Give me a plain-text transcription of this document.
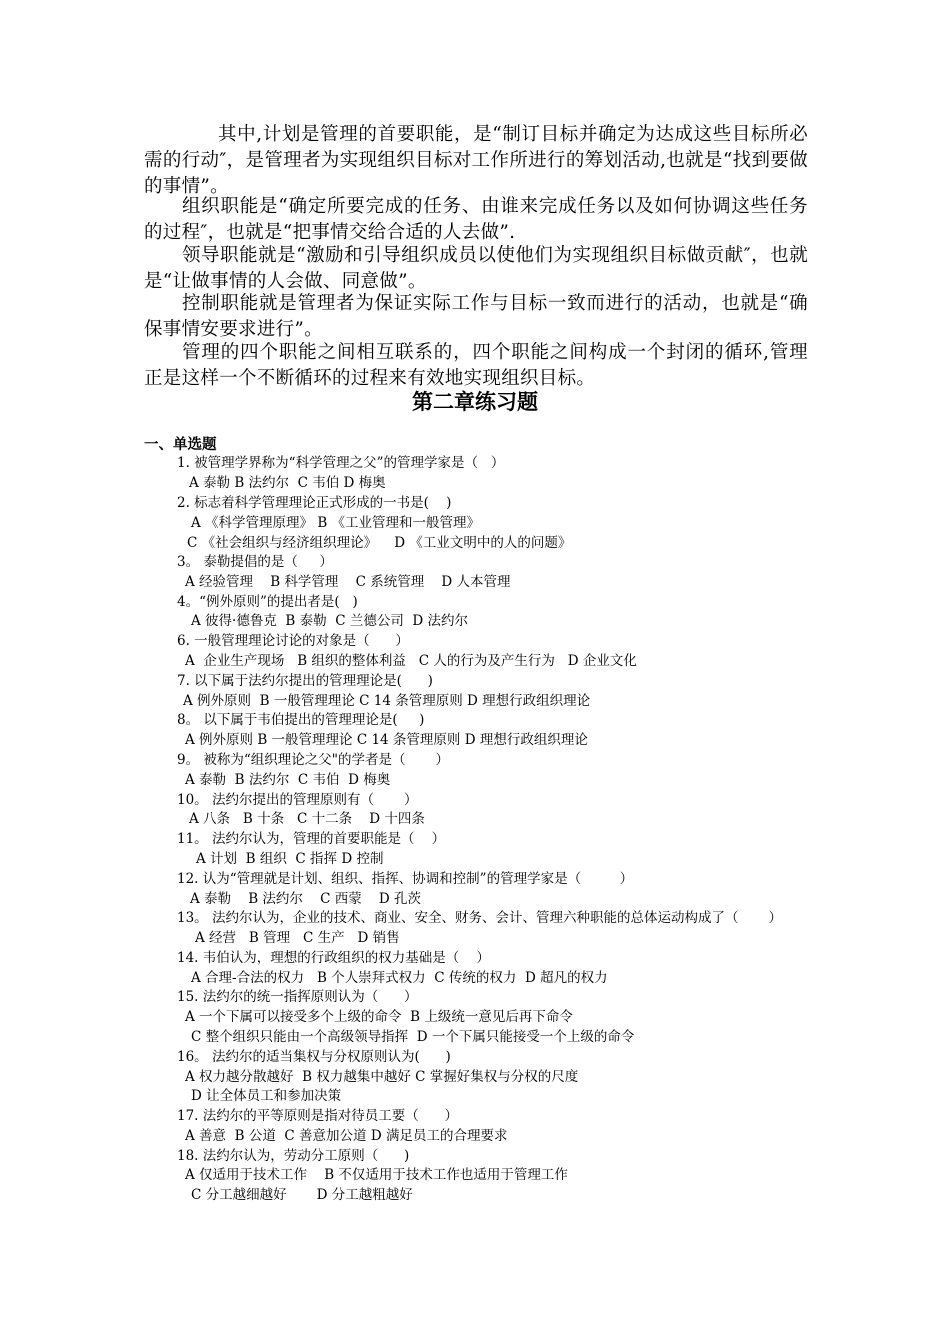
其中,计划是管理的首要职能，是“制订目标并确定为达成这些目标所必需的行动″，是管理者为实现组织目标对工作所进行的筹划活动,也就是“找到要做的事情”。

组织职能是“确定所要完成的任务、由谁来完成任务以及如何协调这些任务的过程″，也就是“把事情交给合适的人去做”.

领导职能就是“激励和引导组织成员以使他们为实现组织目标做贡献″，也就是“让做事情的人会做、同意做”。

控制职能就是管理者为保证实际工作与目标一致而进行的活动，也就是“确保事情安要求进行”。

管理的四个职能之间相互联系的，四个职能之间构成一个封闭的循环,管理正是这样一个不断循环的过程来有效地实现组织目标。

第二章练习题

一、单选题

1. 被管理学界称为“科学管理之父”的管理学家是（   ）

A 泰勒 B 法约尔  C 韦伯 D 梅奥

2. 标志着科学管理理论正式形成的一书是(    )

A 《科学管理原理》 B 《工业管理和一般管理》

C 《社会组织与经济组织理论》    D 《工业文明中的人的问题》

3。 泰勒提倡的是（     ）

A 经验管理    B 科学管理    C 系统管理    D 人本管理

4。“例外原则”的提出者是(   )

A 彼得·德鲁克  B 泰勒  C 兰德公司  D 法约尔

6. 一般管理理论讨论的对象是（      ）

A  企业生产现场   B 组织的整体利益   C 人的行为及产生行为   D 企业文化

7. 以下属于法约尔提出的管理理论是(      )

A 例外原则  B 一般管理理论 C 14 条管理原则 D 理想行政组织理论

8。 以下属于韦伯提出的管理理论是(     )

A 例外原则 B 一般管理理论 C 14 条管理原则 D 理想行政组织理论

9。 被称为“组织理论之父"的学者是（       ）

A 泰勒  B 法约尔  C 韦伯  D 梅奥

10。 法约尔提出的管理原则有（       ）

A 八条   B 十条   C 十二条    D 十四条

11。 法约尔认为，管理的首要职能是（    ）

A 计划  B 组织  C 指挥 D 控制

12. 认为“管理就是计划、组织、指挥、协调和控制”的管理学家是（         ）

A 泰勒    B 法约尔    C 西蒙    D 孔茨

13。 法约尔认为，企业的技术、商业、安全、财务、会计、管理六种职能的总体运动构成了（       ）

A 经营   B 管理   C 生产   D 销售

14. 韦伯认为，理想的行政组织的权力基础是（    ）

A 合理-合法的权力   B 个人崇拜式权力  C 传统的权力  D 超凡的权力

15. 法约尔的统一指挥原则认为（      ）

A 一个下属可以接受多个上级的命令  B 上级统一意见后再下命令

C 整个组织只能由一个高级领导指挥  D 一个下属只能接受一个上级的命令

16。 法约尔的适当集权与分权原则认为(      )

A 权力越分散越好  B 权力越集中越好 C 掌握好集权与分权的尺度

D 让全体员工和参加决策

17. 法约尔的平等原则是指对待员工要（      ）

A 善意  B 公道  C 善意加公道 D 满足员工的合理要求

18. 法约尔认为，劳动分工原则（      )

A 仅适用于技术工作    B 不仅适用于技术工作也适用于管理工作

C 分工越细越好       D 分工越粗越好
